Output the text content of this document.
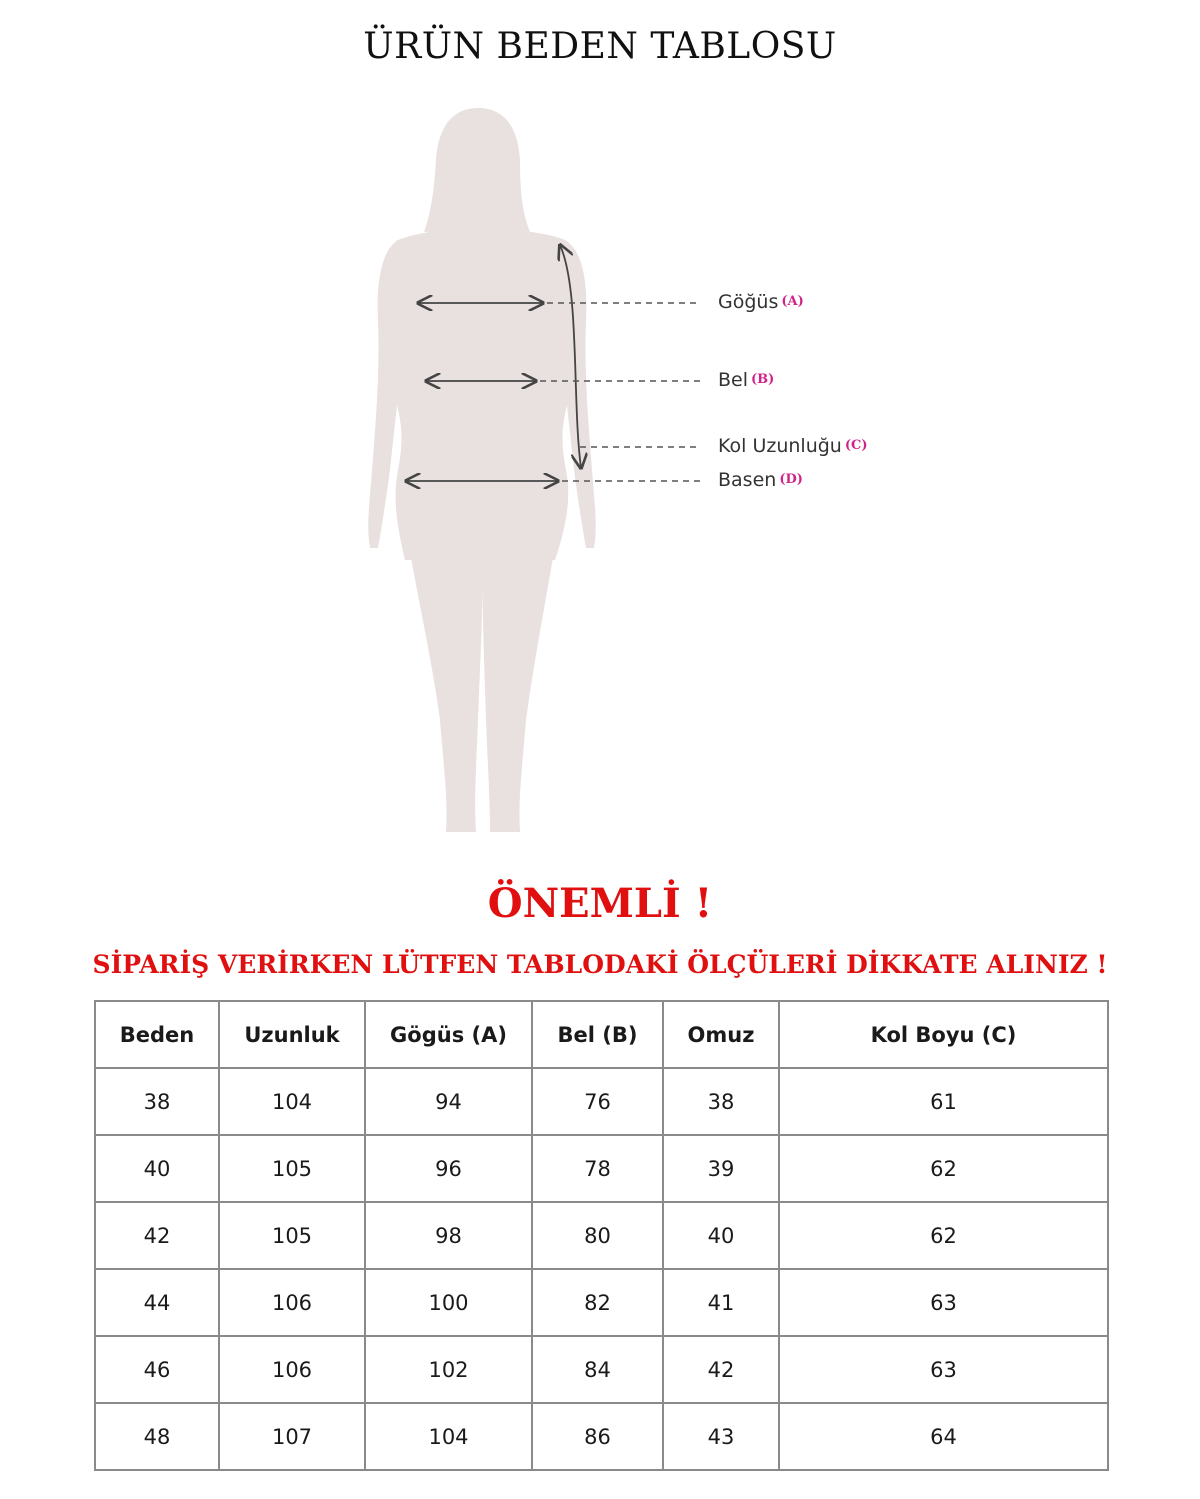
ÜRÜN BEDEN TABLOSU
Göğüs (A)
Bel (B)
Kol Uzunluğu (C)
Basen (D)
ÖNEMLİ !
SİPARİŞ VERİRKEN LÜTFEN TABLODAKİ ÖLÇÜLERİ DİKKATE ALINIZ !
Beden	Uzunluk	Gögüs (A)	Bel (B)	Omuz	Kol Boyu (C)
38	104	94	76	38	61
40	105	96	78	39	62
42	105	98	80	40	62
44	106	100	82	41	63
46	106	102	84	42	63
48	107	104	86	43	64
